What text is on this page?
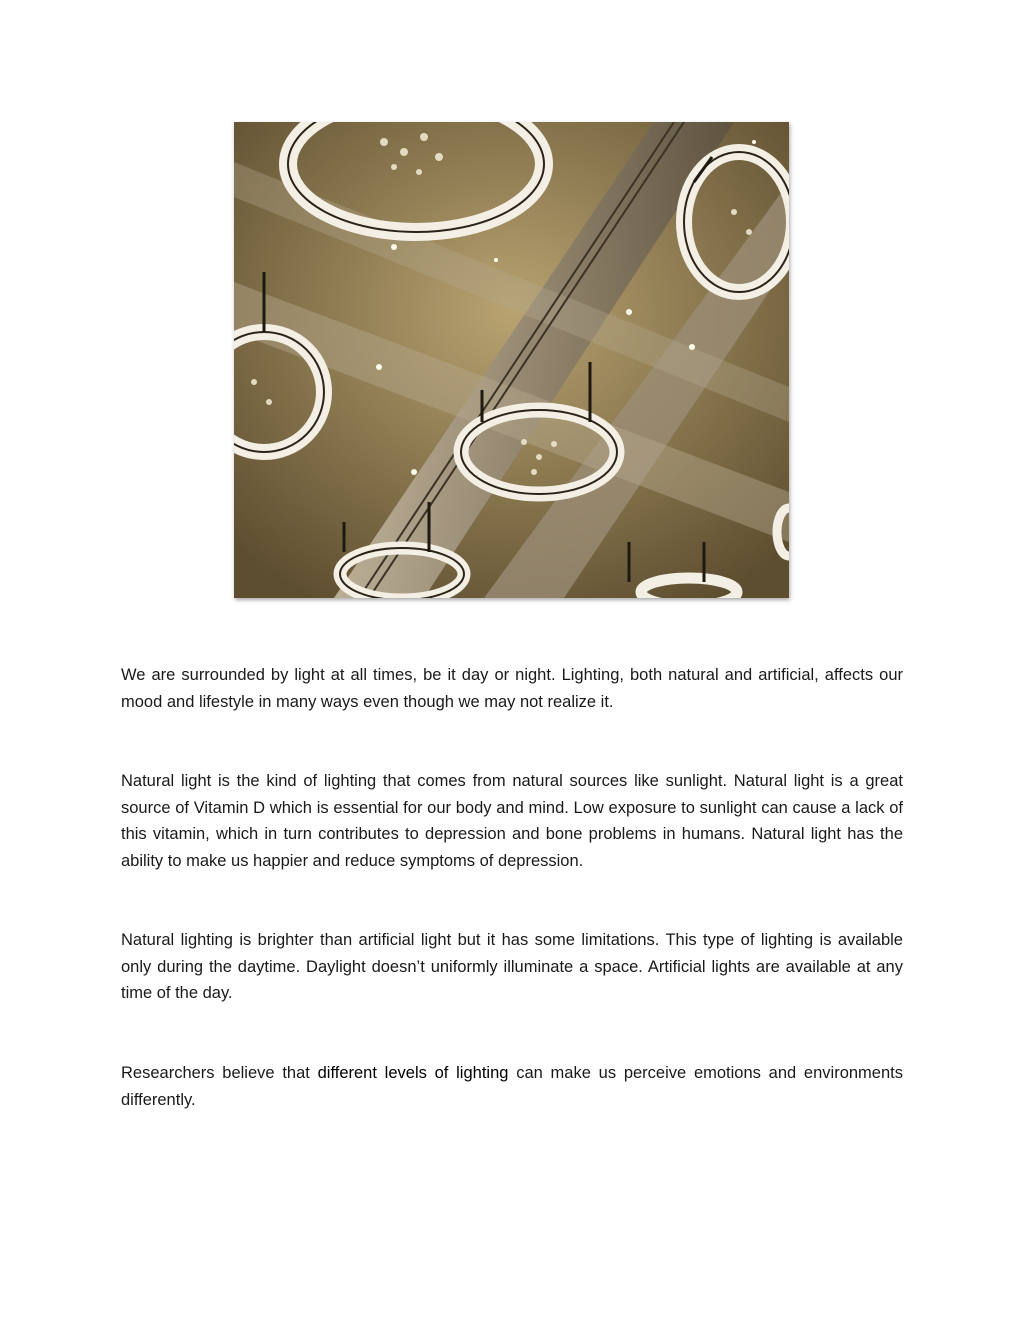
We are surrounded by light at all times, be it day or night. Lighting, both natural and artificial, affects our mood and lifestyle in many ways even though we may not realize it.

Natural light is the kind of lighting that comes from natural sources like sunlight. Natural light is a great source of Vitamin D which is essential for our body and mind. Low exposure to sunlight can cause a lack of this vitamin, which in turn contributes to depression and bone problems in humans. Natural light has the ability to make us happier and reduce symptoms of depression.

Natural lighting is brighter than artificial light but it has some limitations. This type of lighting is available only during the daytime. Daylight doesn’t uniformly illuminate a space. Artificial lights are available at any time of the day.

Researchers believe that different levels of lighting can make us perceive emotions and environments differently.
